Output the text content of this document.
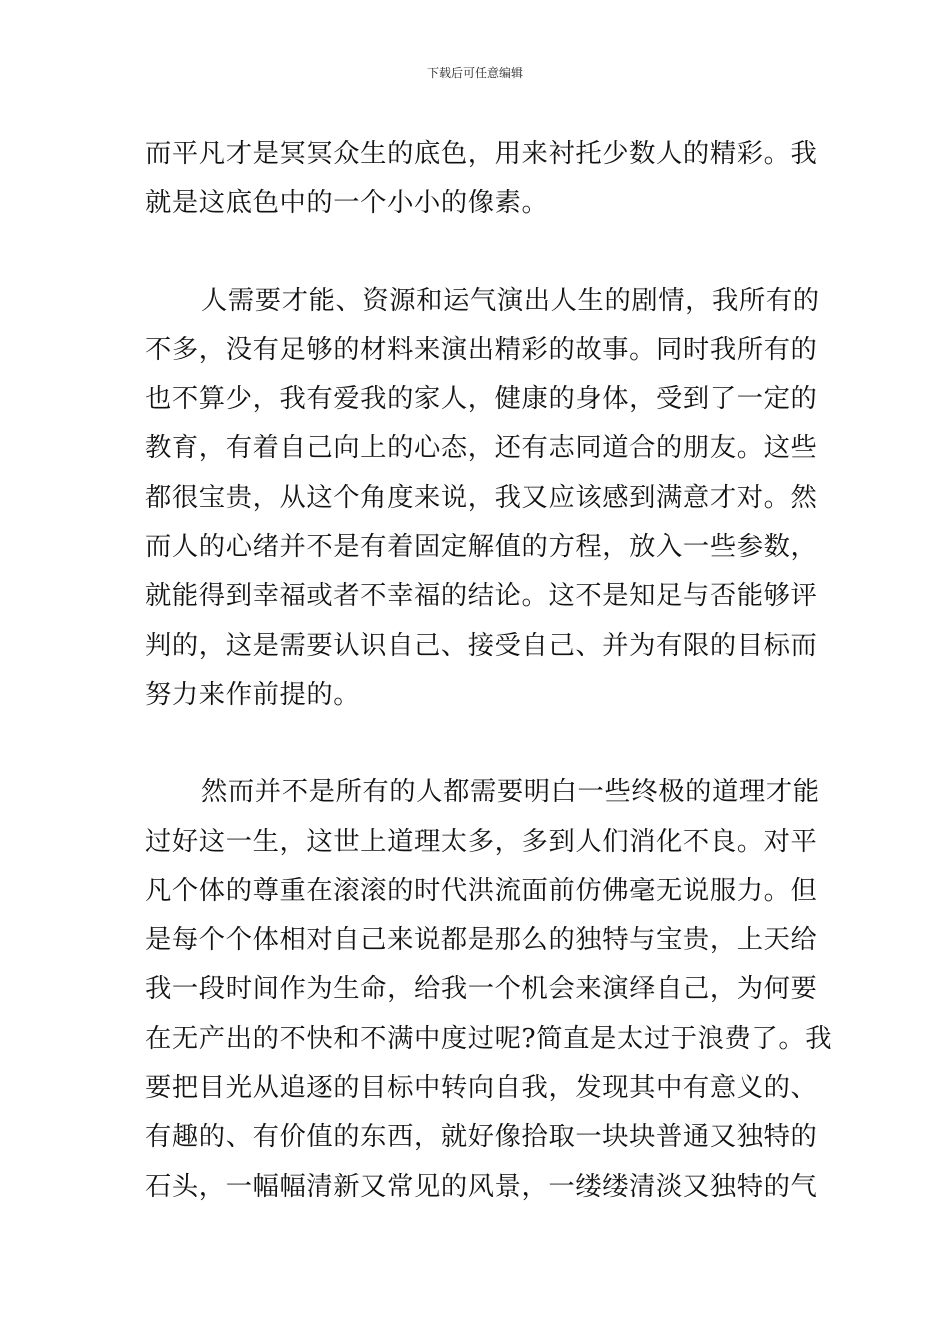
下载后可任意编辑

而平凡才是冥冥众生的底色，用来衬托少数人的精彩。我
就是这底色中的一个小小的像素。

人需要才能、资源和运气演出人生的剧情，我所有的
不多，没有足够的材料来演出精彩的故事。同时我所有的
也不算少，我有爱我的家人，健康的身体，受到了一定的
教育，有着自己向上的心态，还有志同道合的朋友。这些
都很宝贵，从这个角度来说，我又应该感到满意才对。然
而人的心绪并不是有着固定解值的方程，放入一些参数，
就能得到幸福或者不幸福的结论。这不是知足与否能够评
判的，这是需要认识自己、接受自己、并为有限的目标而
努力来作前提的。

然而并不是所有的人都需要明白一些终极的道理才能
过好这一生，这世上道理太多，多到人们消化不良。对平
凡个体的尊重在滚滚的时代洪流面前仿佛毫无说服力。但
是每个个体相对自己来说都是那么的独特与宝贵，上天给
我一段时间作为生命，给我一个机会来演绎自己，为何要
在无产出的不快和不满中度过呢?简直是太过于浪费了。我
要把目光从追逐的目标中转向自我，发现其中有意义的、
有趣的、有价值的东西，就好像拾取一块块普通又独特的
石头，一幅幅清新又常见的风景，一缕缕清淡又独特的气
